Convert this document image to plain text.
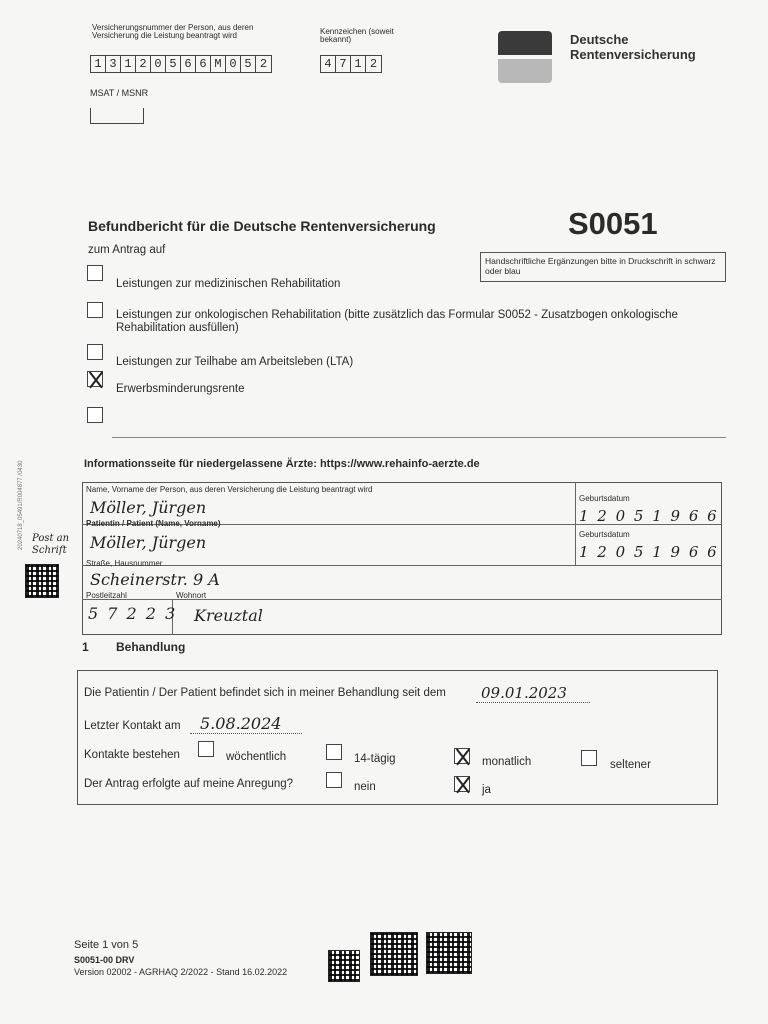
Versicherungsnummer der Person, aus deren Versicherung die Leistung beantragt wird
1 3 1 2 0 5 6 6 M 0 5 2
Kennzeichen (soweit bekannt)
4 7 1 2
MSAT / MSNR
Deutsche
Rentenversicherung
Befundbericht für die Deutsche Rentenversicherung	S0051
zum Antrag auf
Handschriftliche Ergänzungen bitte in Druckschrift in schwarz oder blau
Leistungen zur medizinischen Rehabilitation
Leistungen zur onkologischen Rehabilitation (bitte zusätzlich das Formular S0052 - Zusatzbogen onkologische Rehabilitation ausfüllen)
Leistungen zur Teilhabe am Arbeitsleben (LTA)
Erwerbsminderungsrente
Informationsseite für niedergelassene Ärzte: https://www.rehainfo-aerzte.de
20240718_05491/R004877 /0430 Post an
Schrift
Name, Vorname der Person, aus deren Versicherung die Leistung beantragt wird
Möller, Jürgen	Geburtsdatum
1 2 0 5 1 9 6 6
Patientin / Patient (Name, Vorname)
Möller, Jürgen	Geburtsdatum
1 2 0 5 1 9 6 6
Straße, Hausnummer
Scheinerstr. 9 A
Postleitzahl
5 7 2 2 3
Wohnort
Kreuztal
1 Behandlung
Die Patientin / Der Patient befindet sich in meiner Behandlung seit dem 09.01.2023
Letzter Kontakt am 5.08.2024
Kontakte bestehen	wöchentlich	14-tägig	monatlich	seltener
Der Antrag erfolgte auf meine Anregung?	nein	ja
Seite 1 von 5
S0051-00 DRV
Version 02002 - AGRHAQ 2/2022 - Stand 16.02.2022
